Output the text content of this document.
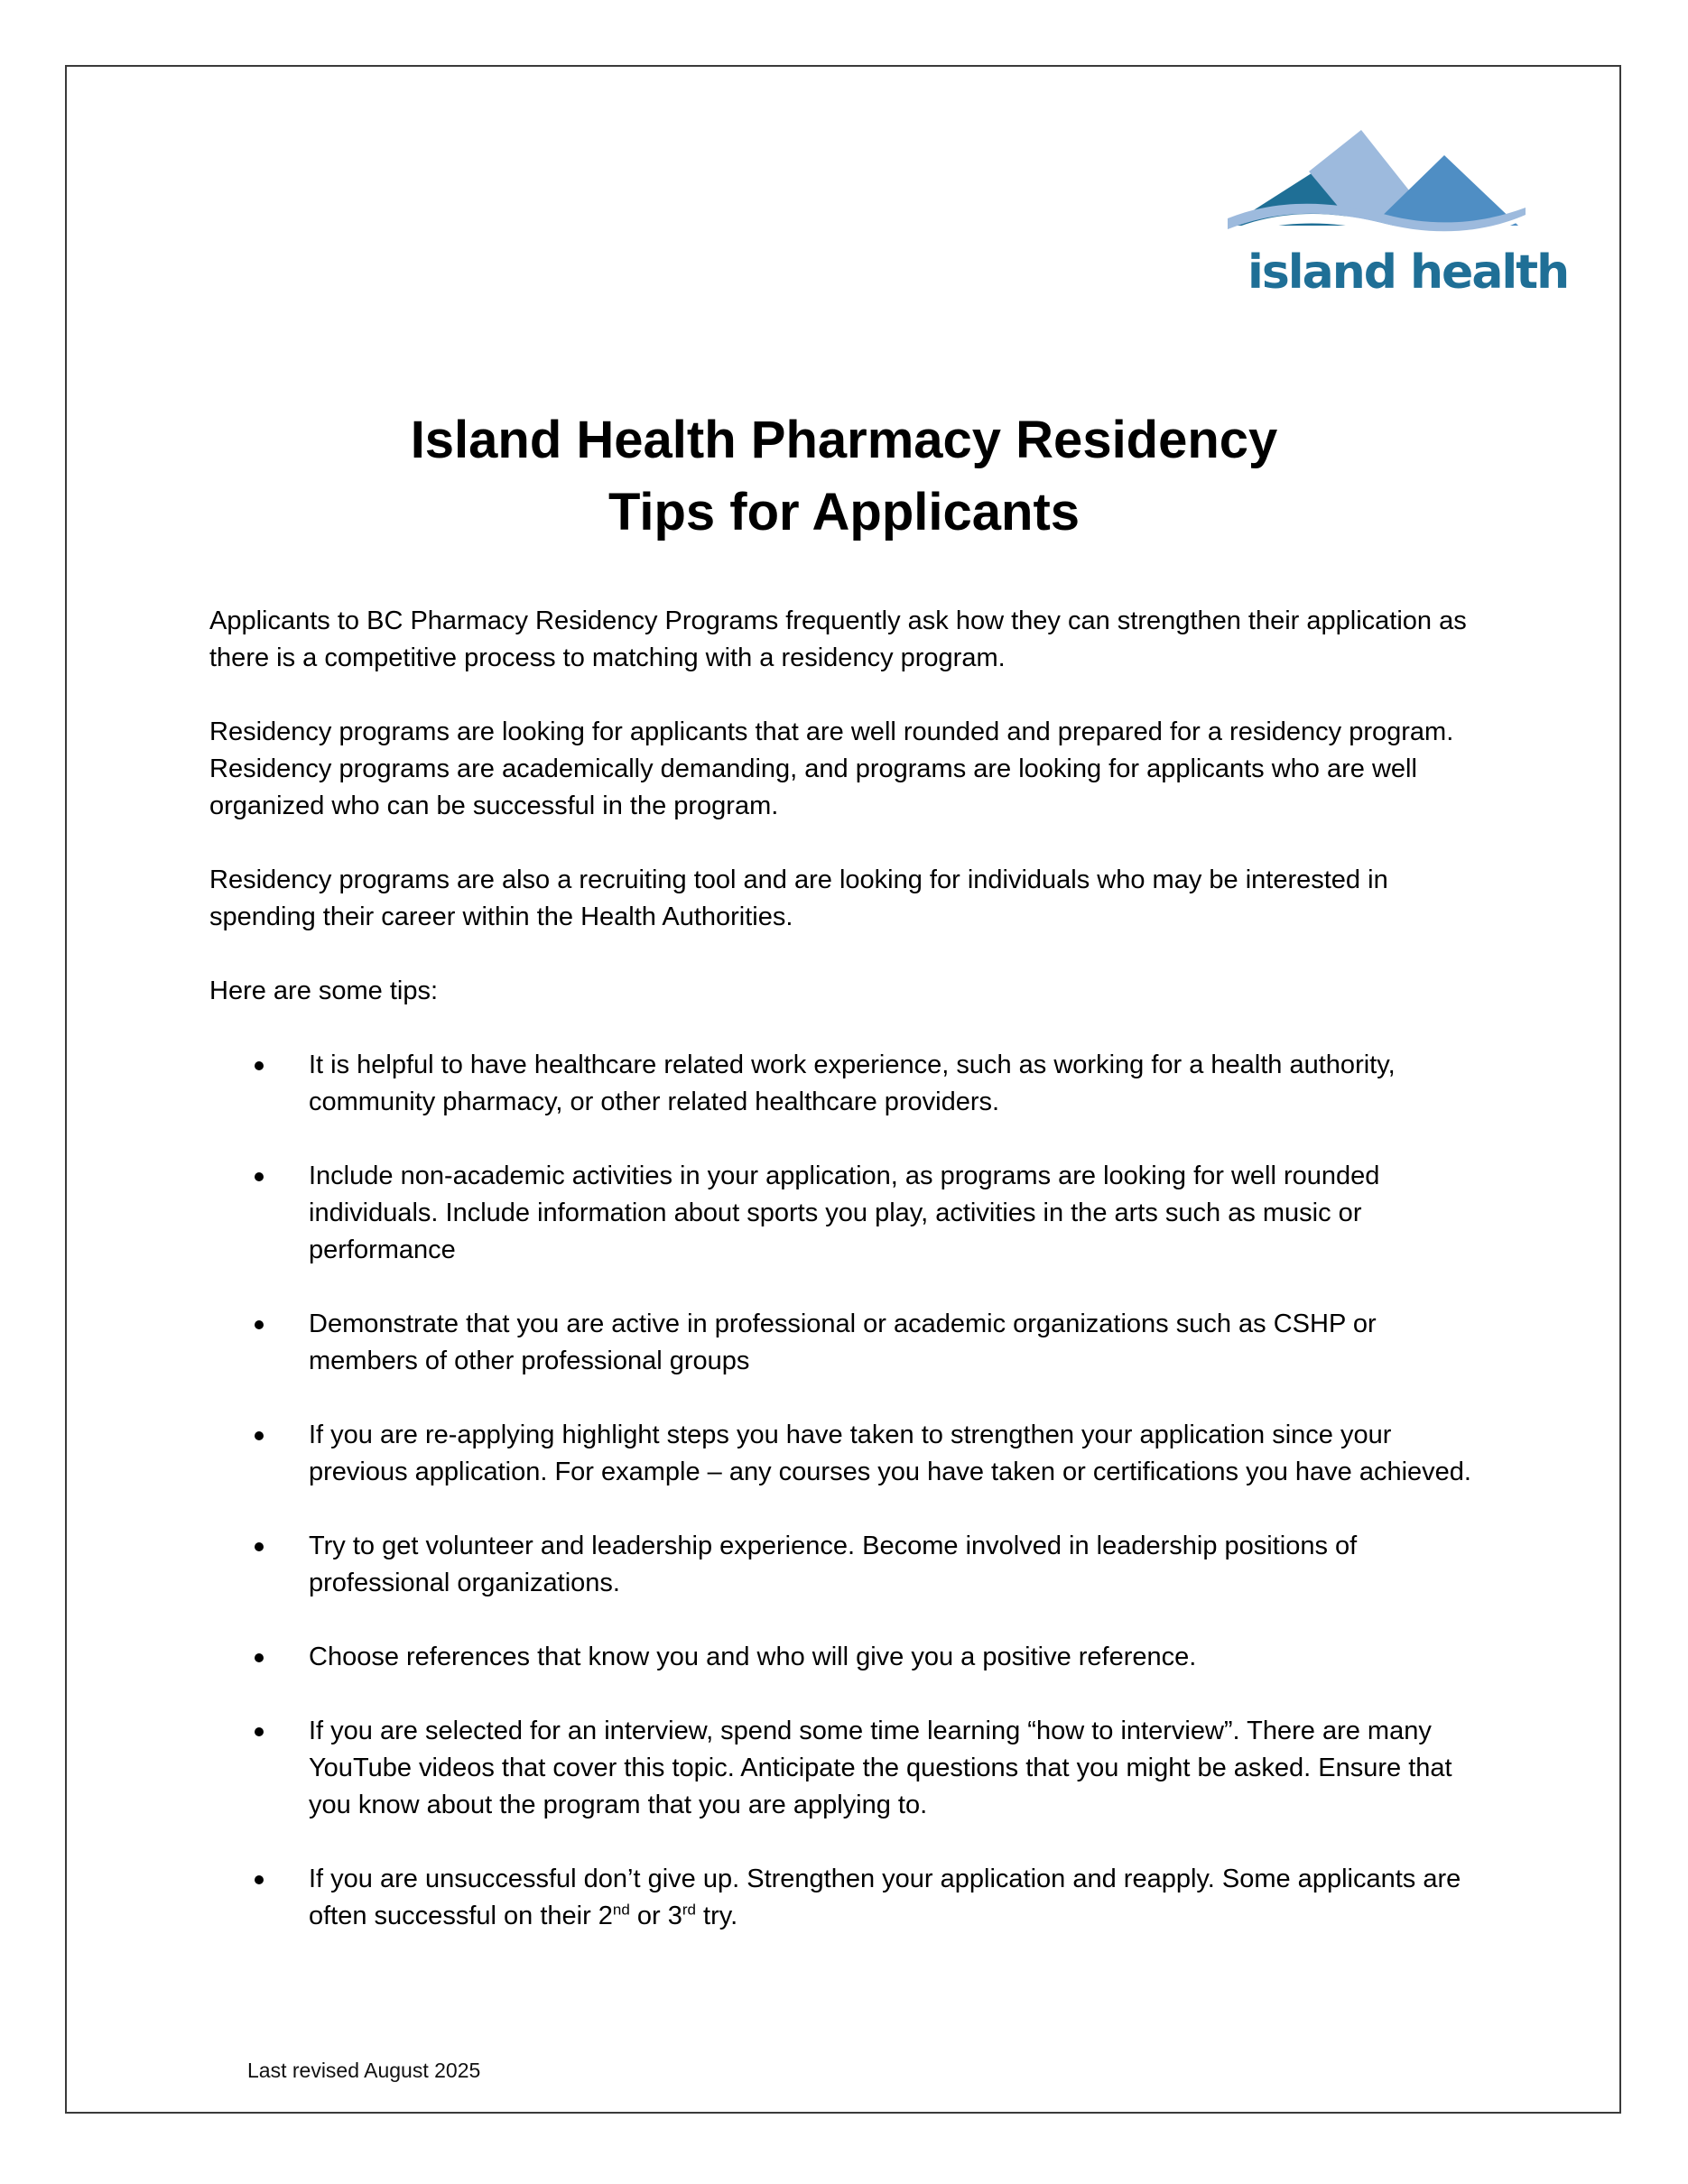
island health
Island Health Pharmacy Residency
Tips for Applicants

Applicants to BC Pharmacy Residency Programs frequently ask how they can strengthen their application as there is a competitive process to matching with a residency program.

Residency programs are looking for applicants that are well rounded and prepared for a residency program. Residency programs are academically demanding, and programs are looking for applicants who are well organized who can be successful in the program.

Residency programs are also a recruiting tool and are looking for individuals who may be interested in spending their career within the Health Authorities.

Here are some tips:

It is helpful to have healthcare related work experience, such as working for a health authority, community pharmacy, or other related healthcare providers.
Include non-academic activities in your application, as programs are looking for well rounded individuals. Include information about sports you play, activities in the arts such as music or performance
Demonstrate that you are active in professional or academic organizations such as CSHP or members of other professional groups
If you are re-applying highlight steps you have taken to strengthen your application since your previous application. For example – any courses you have taken or certifications you have achieved.
Try to get volunteer and leadership experience. Become involved in leadership positions of professional organizations.
Choose references that know you and who will give you a positive reference.
If you are selected for an interview, spend some time learning “how to interview”. There are many YouTube videos that cover this topic. Anticipate the questions that you might be asked. Ensure that you know about the program that you are applying to.
If you are unsuccessful don’t give up. Strengthen your application and reapply. Some applicants are often successful on their 2nd or 3rd try.
Last revised August 2025
